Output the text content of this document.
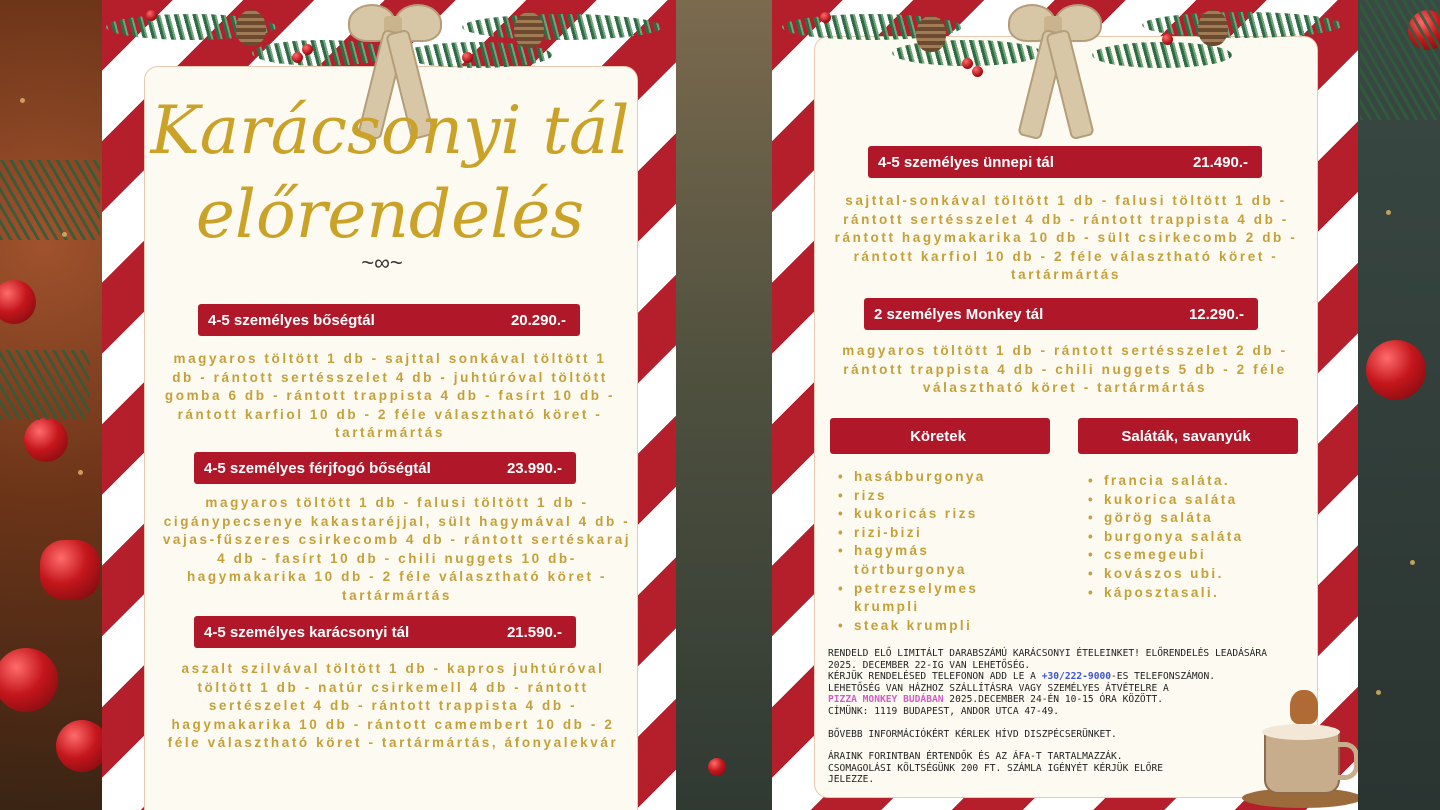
Karácsonyi tál
előrendelés
~∞~
4-5 személyes bőségtál	20.290.-
magyaros töltött 1 db - sajttal sonkával töltött 1 db - rántott sertésszelet 4 db - juhtúróval töltött gomba 6 db - rántott trappista 4 db - fasírt 10 db - rántott karfiol 10 db - 2 féle választható köret - tartármártás
4-5 személyes férjfogó bőségtál	23.990.-
magyaros töltött 1 db - falusi töltött 1 db - cigánypecsenye kakastaréjjal, sült hagymával 4 db - vajas-fűszeres csirkecomb 4 db - rántott sertéskaraj 4 db - fasírt 10 db - chili nuggets 10 db- hagymakarika 10 db - 2 féle választható köret -tartármártás
4-5 személyes karácsonyi tál	21.590.-
aszalt szilvával töltött 1 db - kapros juhtúróval töltött 1 db - natúr csirkemell 4 db - rántott sertészelet 4 db - rántott trappista 4 db - hagymakarika 10 db - rántott camembert 10 db - 2 féle választható köret - tartármártás, áfonyalekvár
4-5 személyes ünnepi tál	21.490.-
sajttal-sonkával töltött 1 db - falusi töltött 1 db - rántott sertésszelet 4 db - rántott trappista 4 db - rántott hagymakarika 10 db - sült csirkecomb 2 db - rántott karfiol 10 db - 2 féle választható köret - tartármártás
2 személyes Monkey tál	12.290.-
magyaros töltött 1 db - rántott sertésszelet 2 db - rántott trappista 4 db - chili nuggets 5 db - 2 féle választható köret - tartármártás
Köretek	Saláták, savanyúk
• hasábburgonya
• rizs
• kukoricás rizs
• rizi-bizi
• hagymás törtburgonya
• petrezselymes krumpli
• steak krumpli
• francia saláta.
• kukorica saláta
• görög saláta
• burgonya saláta
• csemegeubi
• kovászos ubi.
• káposztasali.

RENDELD ELŐ LIMITÁLT DARABSZÁMÚ KARÁCSONYI ÉTELEINKET! ELŐRENDELÉS LEADÁSÁRA 2025. DECEMBER 22-IG VAN LEHETŐSÉG.

KÉRJÜK RENDELÉSED TELEFONON ADD LE A +30/222-9000-ES TELEFONSZÁMON.

LEHETŐSÉG VAN HÁZHOZ SZÁLLÍTÁSRA VAGY SZEMÉLYES ÁTVÉTELRE A

PIZZA MONKEY BUDÁBAN 2025.DECEMBER 24-ÉN 10-15 ÓRA KÖZÖTT.

CÍMÜNK: 1119 BUDAPEST, ANDOR UTCA 47-49.

BŐVEBB INFORMÁCIÓKÉRT KÉRLEK HÍVD DISZPÉCSERÜNKET.

ÁRAINK FORINTBAN ÉRTENDŐK ÉS AZ ÁFA-T TARTALMAZZÁK. CSOMAGOLÁSI KÖLTSÉGÜNK 200 FT. SZÁMLA IGÉNYÉT KÉRJÜK ELŐRE JELEZZE.
